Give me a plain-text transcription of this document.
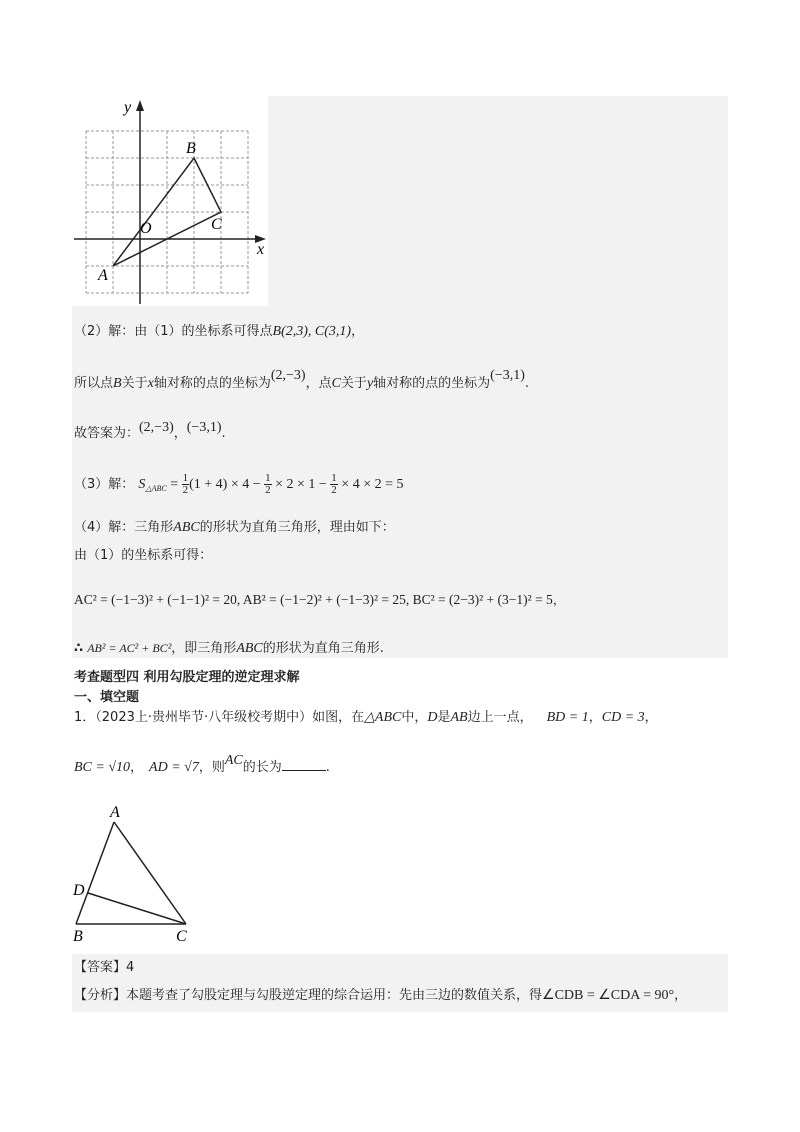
y
x
B
C
O
A
（2）解：由（1）的坐标系可得点B(2,3), C(3,1)，
所以点B关于x轴对称的点的坐标为(2,−3)，点C关于y轴对称的点的坐标为(−3,1).
故答案为：(2,−3)，(−3,1).
（3）解： $S_{\triangle ABC} = \frac{1}{2} (1 + 4) \times 4 - \frac{1}{2} \times 2 \times 1 - \frac{1}{2} \times 4 \times 2 = 5$
（4）解：三角形ABC的形状为直角三角形，理由如下：
由（1）的坐标系可得：
AC² = (−1−3)² + (−1−1)² = 20, AB² = (−1−2)² + (−1−3)² = 25, BC² = (2−3)² + (3−1)² = 5，
∴ AB² = AC² + BC²，即三角形ABC的形状为直角三角形.
考查题型四 利用勾股定理的逆定理求解
一、填空题
1．（2023上·贵州毕节·八年级校考期中）如图，在△ABC中，D是AB边上一点， BD = 1，CD = 3，
BC = √10， AD = √7，则AC的长为	.
A
D
B	C
【答案】4
【分析】本题考查了勾股定理与勾股逆定理的综合运用：先由三边的数值关系，得∠CDB = ∠CDA = 90°，
